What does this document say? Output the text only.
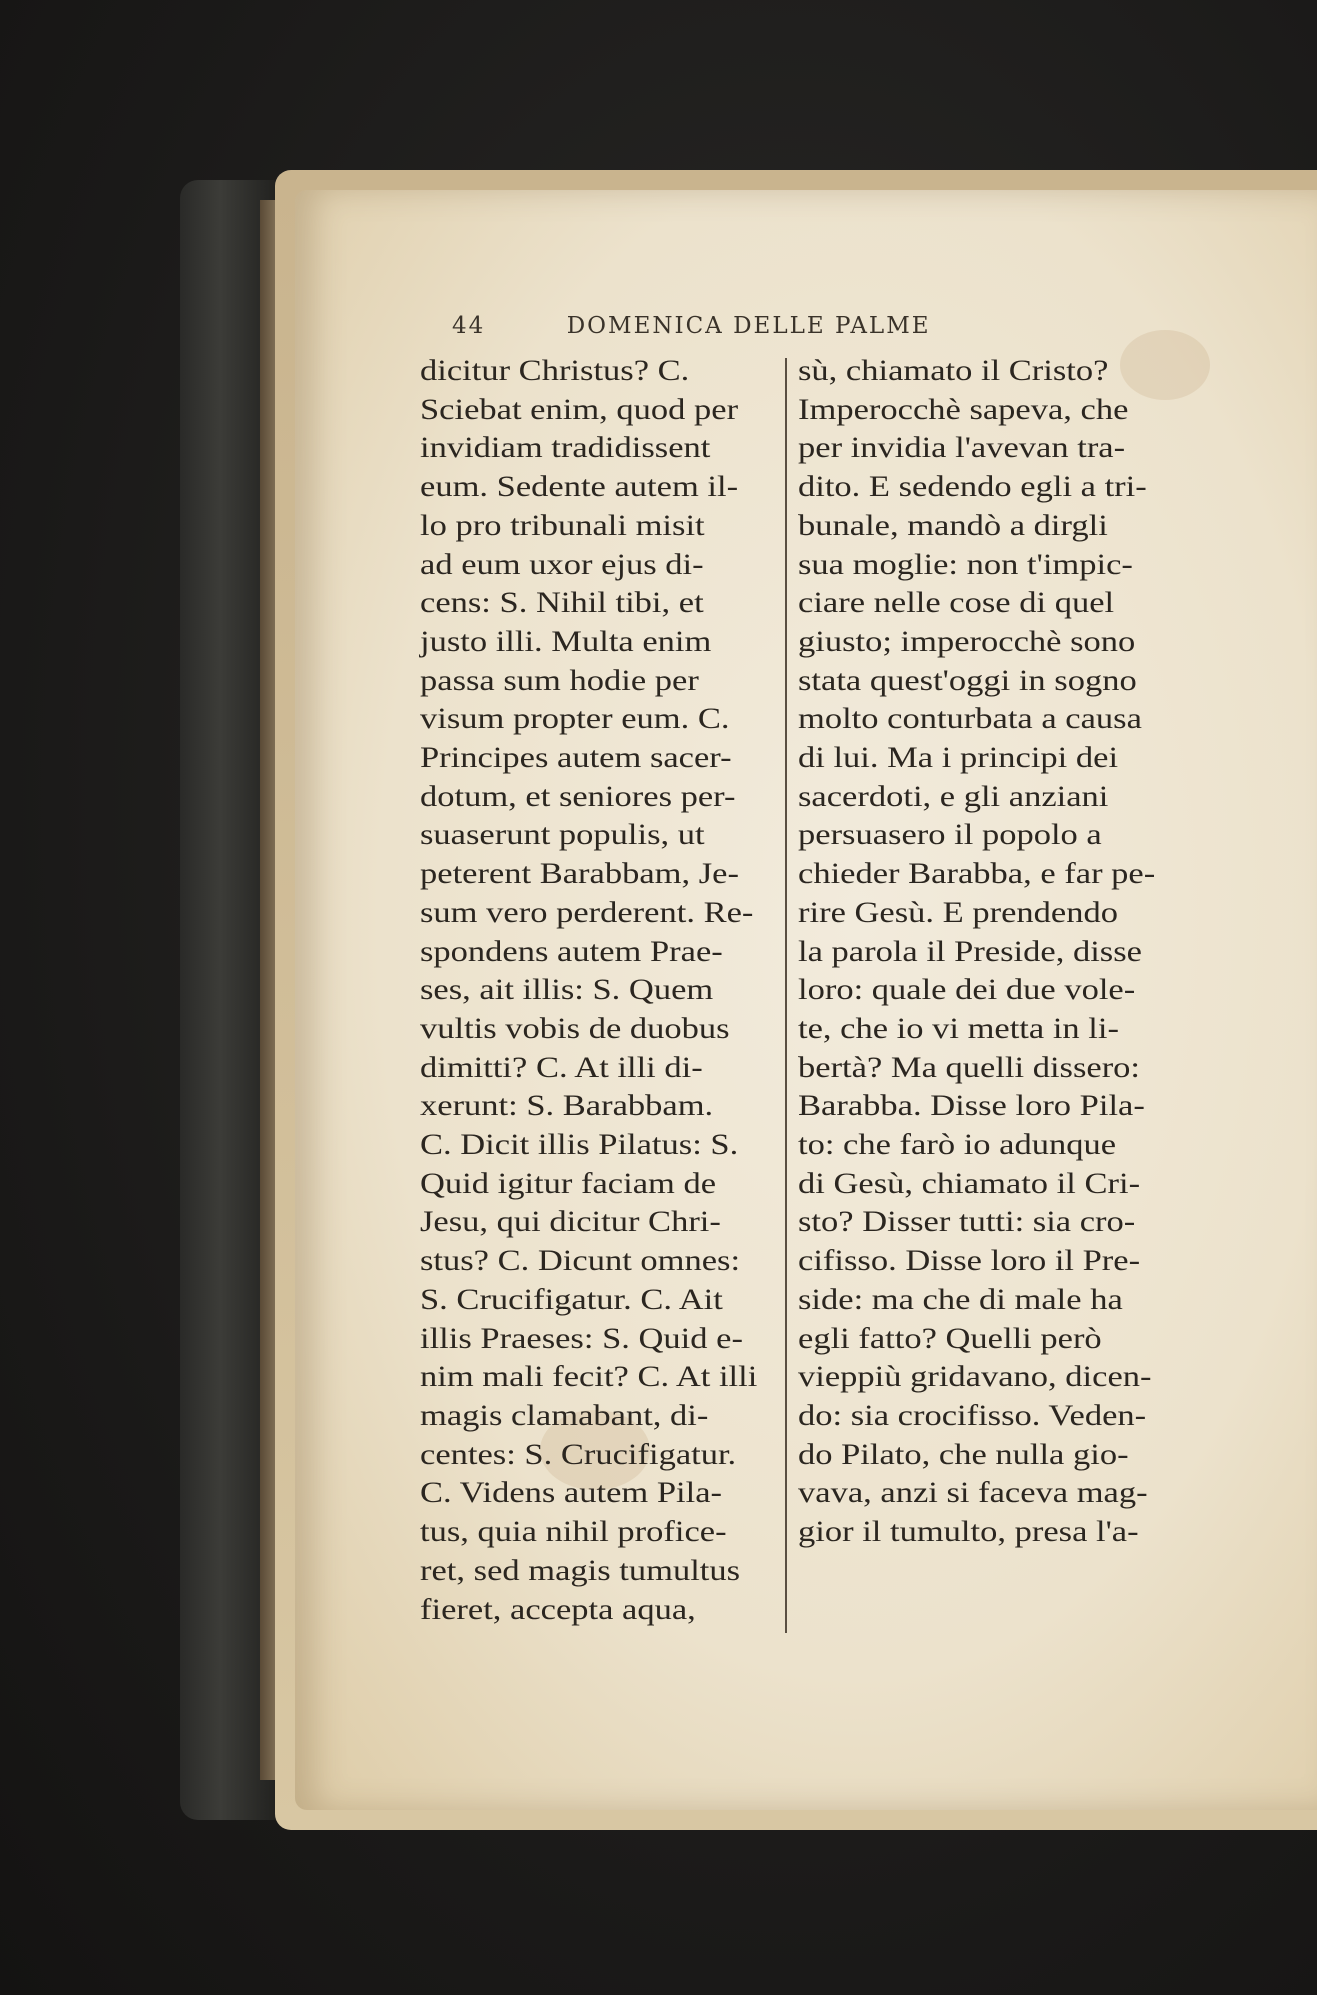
44	DOMENICA DELLE PALME
dicitur Christus? C.
Sciebat enim, quod per
invidiam tradidissent
eum. Sedente autem il-
lo pro tribunali misit
ad eum uxor ejus di-
cens: S. Nihil tibi, et
justo illi. Multa enim
passa sum hodie per
visum propter eum. C.
Principes autem sacer-
dotum, et seniores per-
suaserunt populis, ut
peterent Barabbam, Je-
sum vero perderent. Re-
spondens autem Prae-
ses, ait illis: S. Quem
vultis vobis de duobus
dimitti? C. At illi di-
xerunt: S. Barabbam.
C. Dicit illis Pilatus: S.
Quid igitur faciam de
Jesu, qui dicitur Chri-
stus? C. Dicunt omnes:
S. Crucifigatur. C. Ait
illis Praeses: S. Quid e-
nim mali fecit? C. At illi
magis clamabant, di-
centes: S. Crucifigatur.
C. Videns autem Pila-
tus, quia nihil profice-
ret, sed magis tumultus
fieret, accepta aqua,
sù, chiamato il Cristo?
Imperocchè sapeva, che
per invidia l'avevan tra-
dito. E sedendo egli a tri-
bunale, mandò a dirgli
sua moglie: non t'impic-
ciare nelle cose di quel
giusto; imperocchè sono
stata quest'oggi in sogno
molto conturbata a causa
di lui. Ma i principi dei
sacerdoti, e gli anziani
persuasero il popolo a
chieder Barabba, e far pe-
rire Gesù. E prendendo
la parola il Preside, disse
loro: quale dei due vole-
te, che io vi metta in li-
bertà? Ma quelli dissero:
Barabba. Disse loro Pila-
to: che farò io adunque
di Gesù, chiamato il Cri-
sto? Disser tutti: sia cro-
cifisso. Disse loro il Pre-
side: ma che di male ha
egli fatto? Quelli però
vieppiù gridavano, dicen-
do: sia crocifisso. Veden-
do Pilato, che nulla gio-
vava, anzi si faceva mag-
gior il tumulto, presa l'a-
